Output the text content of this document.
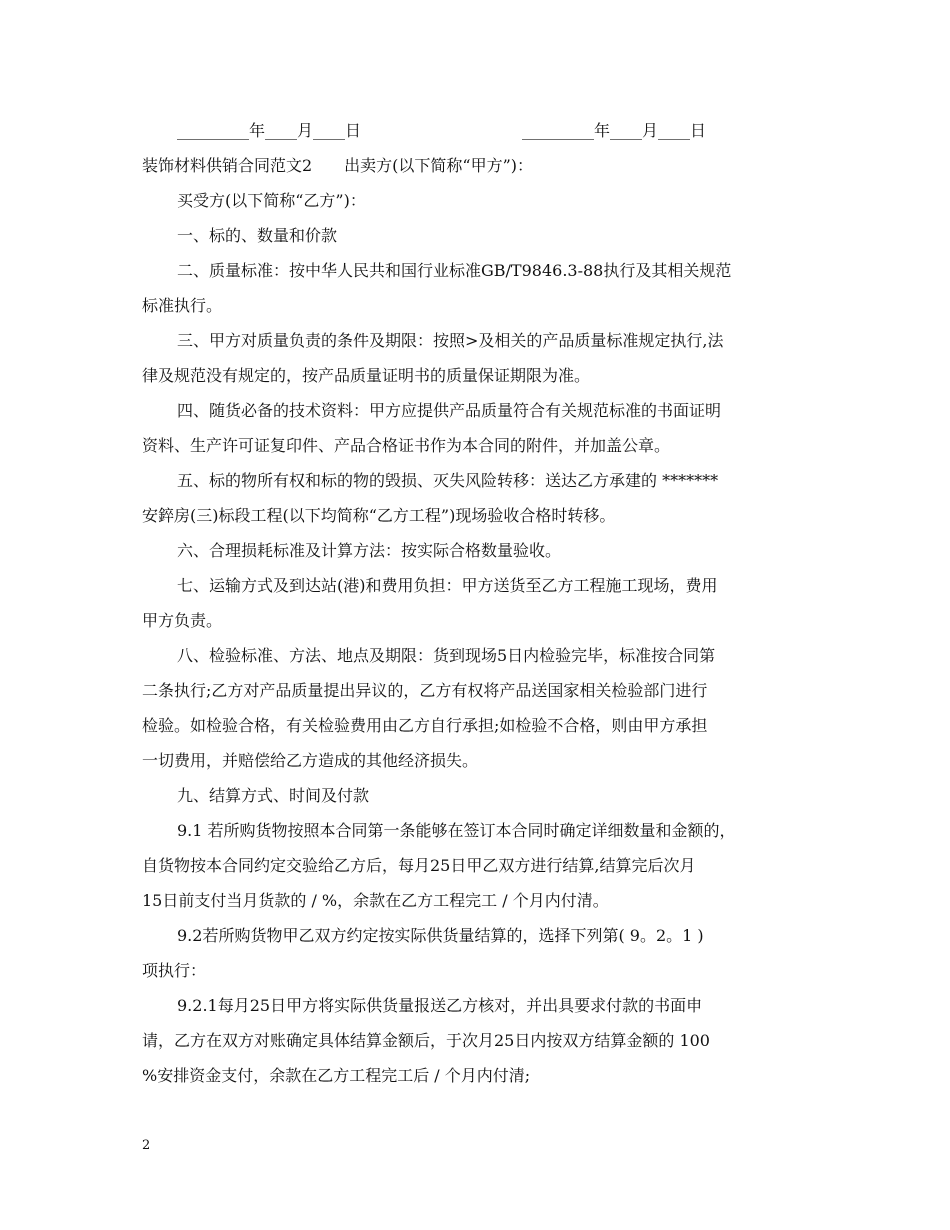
_________年____月____日	_________年____月____日
装饰材料供销合同范文2　　出卖方(以下简称“甲方”)：
买受方(以下简称“乙方”)：
一、标的、数量和价款
二、质量标准：按中华人民共和国行业标准GB/T9846.3-88执行及其相关规范
标准执行。
三、甲方对质量负责的条件及期限：按照>及相关的产品质量标准规定执行,法
律及规范没有规定的，按产品质量证明书的质量保证期限为准。
四、随货必备的技术资料：甲方应提供产品质量符合有关规范标准的书面证明
资料、生产许可证复印件、产品合格证书作为本合同的附件，并加盖公章。
五、标的物所有权和标的物的毁损、灭失风险转移：送达乙方承建的 *******
安錊房(三)标段工程(以下均简称“乙方工程”)现场验收合格时转移。
六、合理损耗标准及计算方法：按实际合格数量验收。
七、运输方式及到达站(港)和费用负担：甲方送货至乙方工程施工现场，费用
甲方负责。
八、检验标准、方法、地点及期限：货到现场5日内检验完毕，标准按合同第
二条执行;乙方对产品质量提出异议的，乙方有权将产品送国家相关检验部门进行
检验。如检验合格，有关检验费用由乙方自行承担;如检验不合格，则由甲方承担
一切费用，并赔偿给乙方造成的其他经济损失。
九、结算方式、时间及付款
9.1 若所购货物按照本合同第一条能够在签订本合同时确定详细数量和金额的，
自货物按本合同约定交验给乙方后，每月25日甲乙双方进行结算,结算完后次月
15日前支付当月货款的 / %，余款在乙方工程完工 / 个月内付清。
9.2若所购货物甲乙双方约定按实际供货量结算的，选择下列第( 9。2。1 )
项执行：
9.2.1每月25日甲方将实际供货量报送乙方核对，并出具要求付款的书面申
请，乙方在双方对账确定具体结算金额后，于次月25日内按双方结算金额的 100
%安排资金支付，余款在乙方工程完工后 / 个月内付清;
2
